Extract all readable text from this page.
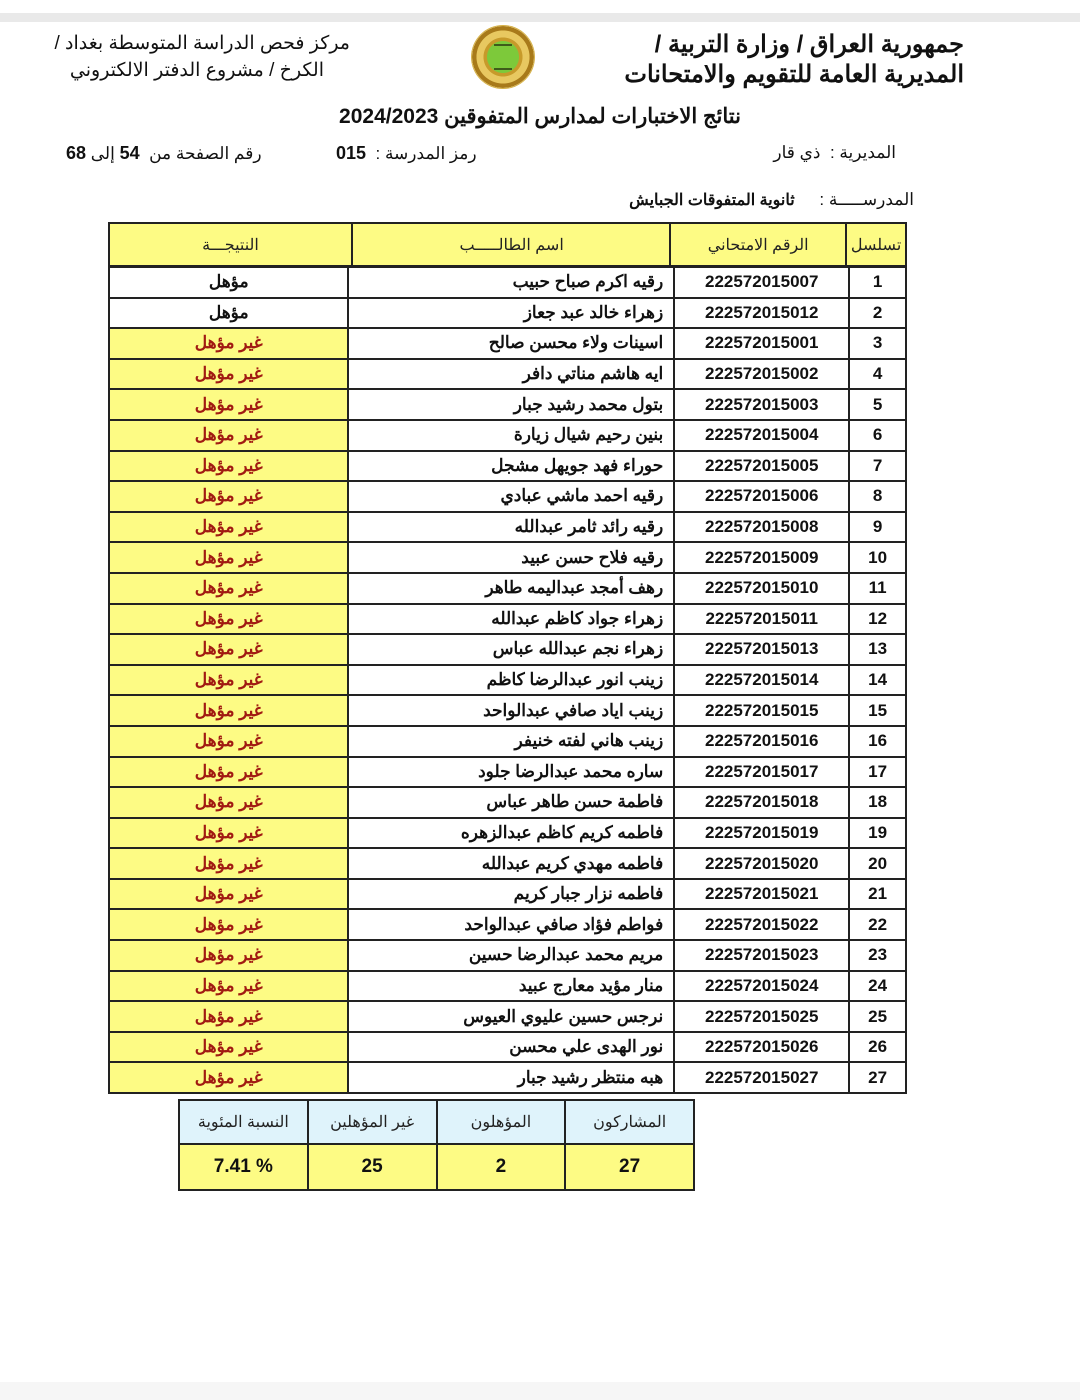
جمهورية العراق / وزارة التربية /
المديرية العامة للتقويم والامتحانات
مركز فحص الدراسة المتوسطة بغداد /
الكرخ / مشروع الدفتر الالكتروني
نتائج الاختبارات لمدارس المتفوقين 2024/2023
المديرية :  ذي قار
رمز المدرسة :  015
رقم الصفحة من  54 إلى 68
المدرســـــة : ثانوية المتفوقات الجبايش
تسلسل	الرقم الامتحاني	اسم الطالـــــب	النتيجـــة
1	222572015007	رقيه اكرم صباح حبيب	مؤهل
2	222572015012	زهراء خالد عبد جعاز	مؤهل
3	222572015001	اسينات ولاء محسن صالح	غير مؤهل
4	222572015002	ايه هاشم مناتي دافر	غير مؤهل
5	222572015003	بتول محمد رشيد جبار	غير مؤهل
6	222572015004	بنين رحيم شيال زيارة	غير مؤهل
7	222572015005	حوراء فهد جويهل مشجل	غير مؤهل
8	222572015006	رقيه احمد ماشي عبادي	غير مؤهل
9	222572015008	رقيه رائد ثامر عبدالله	غير مؤهل
10	222572015009	رقيه فلاح حسن عبيد	غير مؤهل
11	222572015010	رهف أمجد عبداليمه طاهر	غير مؤهل
12	222572015011	زهراء جواد كاظم عبدالله	غير مؤهل
13	222572015013	زهراء نجم عبدالله عباس	غير مؤهل
14	222572015014	زينب انور عبدالرضا كاظم	غير مؤهل
15	222572015015	زينب اياد صافي عبدالواحد	غير مؤهل
16	222572015016	زينب هاني لفته خنيفر	غير مؤهل
17	222572015017	ساره محمد عبدالرضا جلود	غير مؤهل
18	222572015018	فاطمة حسن طاهر عباس	غير مؤهل
19	222572015019	فاطمه كريم كاظم عبدالزهره	غير مؤهل
20	222572015020	فاطمه مهدي كريم عبدالله	غير مؤهل
21	222572015021	فاطمه نزار جبار كريم	غير مؤهل
22	222572015022	فواطم فؤاد صافي عبدالواحد	غير مؤهل
23	222572015023	مريم محمد عبدالرضا حسين	غير مؤهل
24	222572015024	منار مؤيد معارج عبيد	غير مؤهل
25	222572015025	نرجس حسين عليوي العيوس	غير مؤهل
26	222572015026	نور الهدى علي محسن	غير مؤهل
27	222572015027	هبه منتظر رشيد جبار	غير مؤهل
المشاركون	المؤهلون	غير المؤهلين	النسبة المئوية
27	2	25	% 7.41
